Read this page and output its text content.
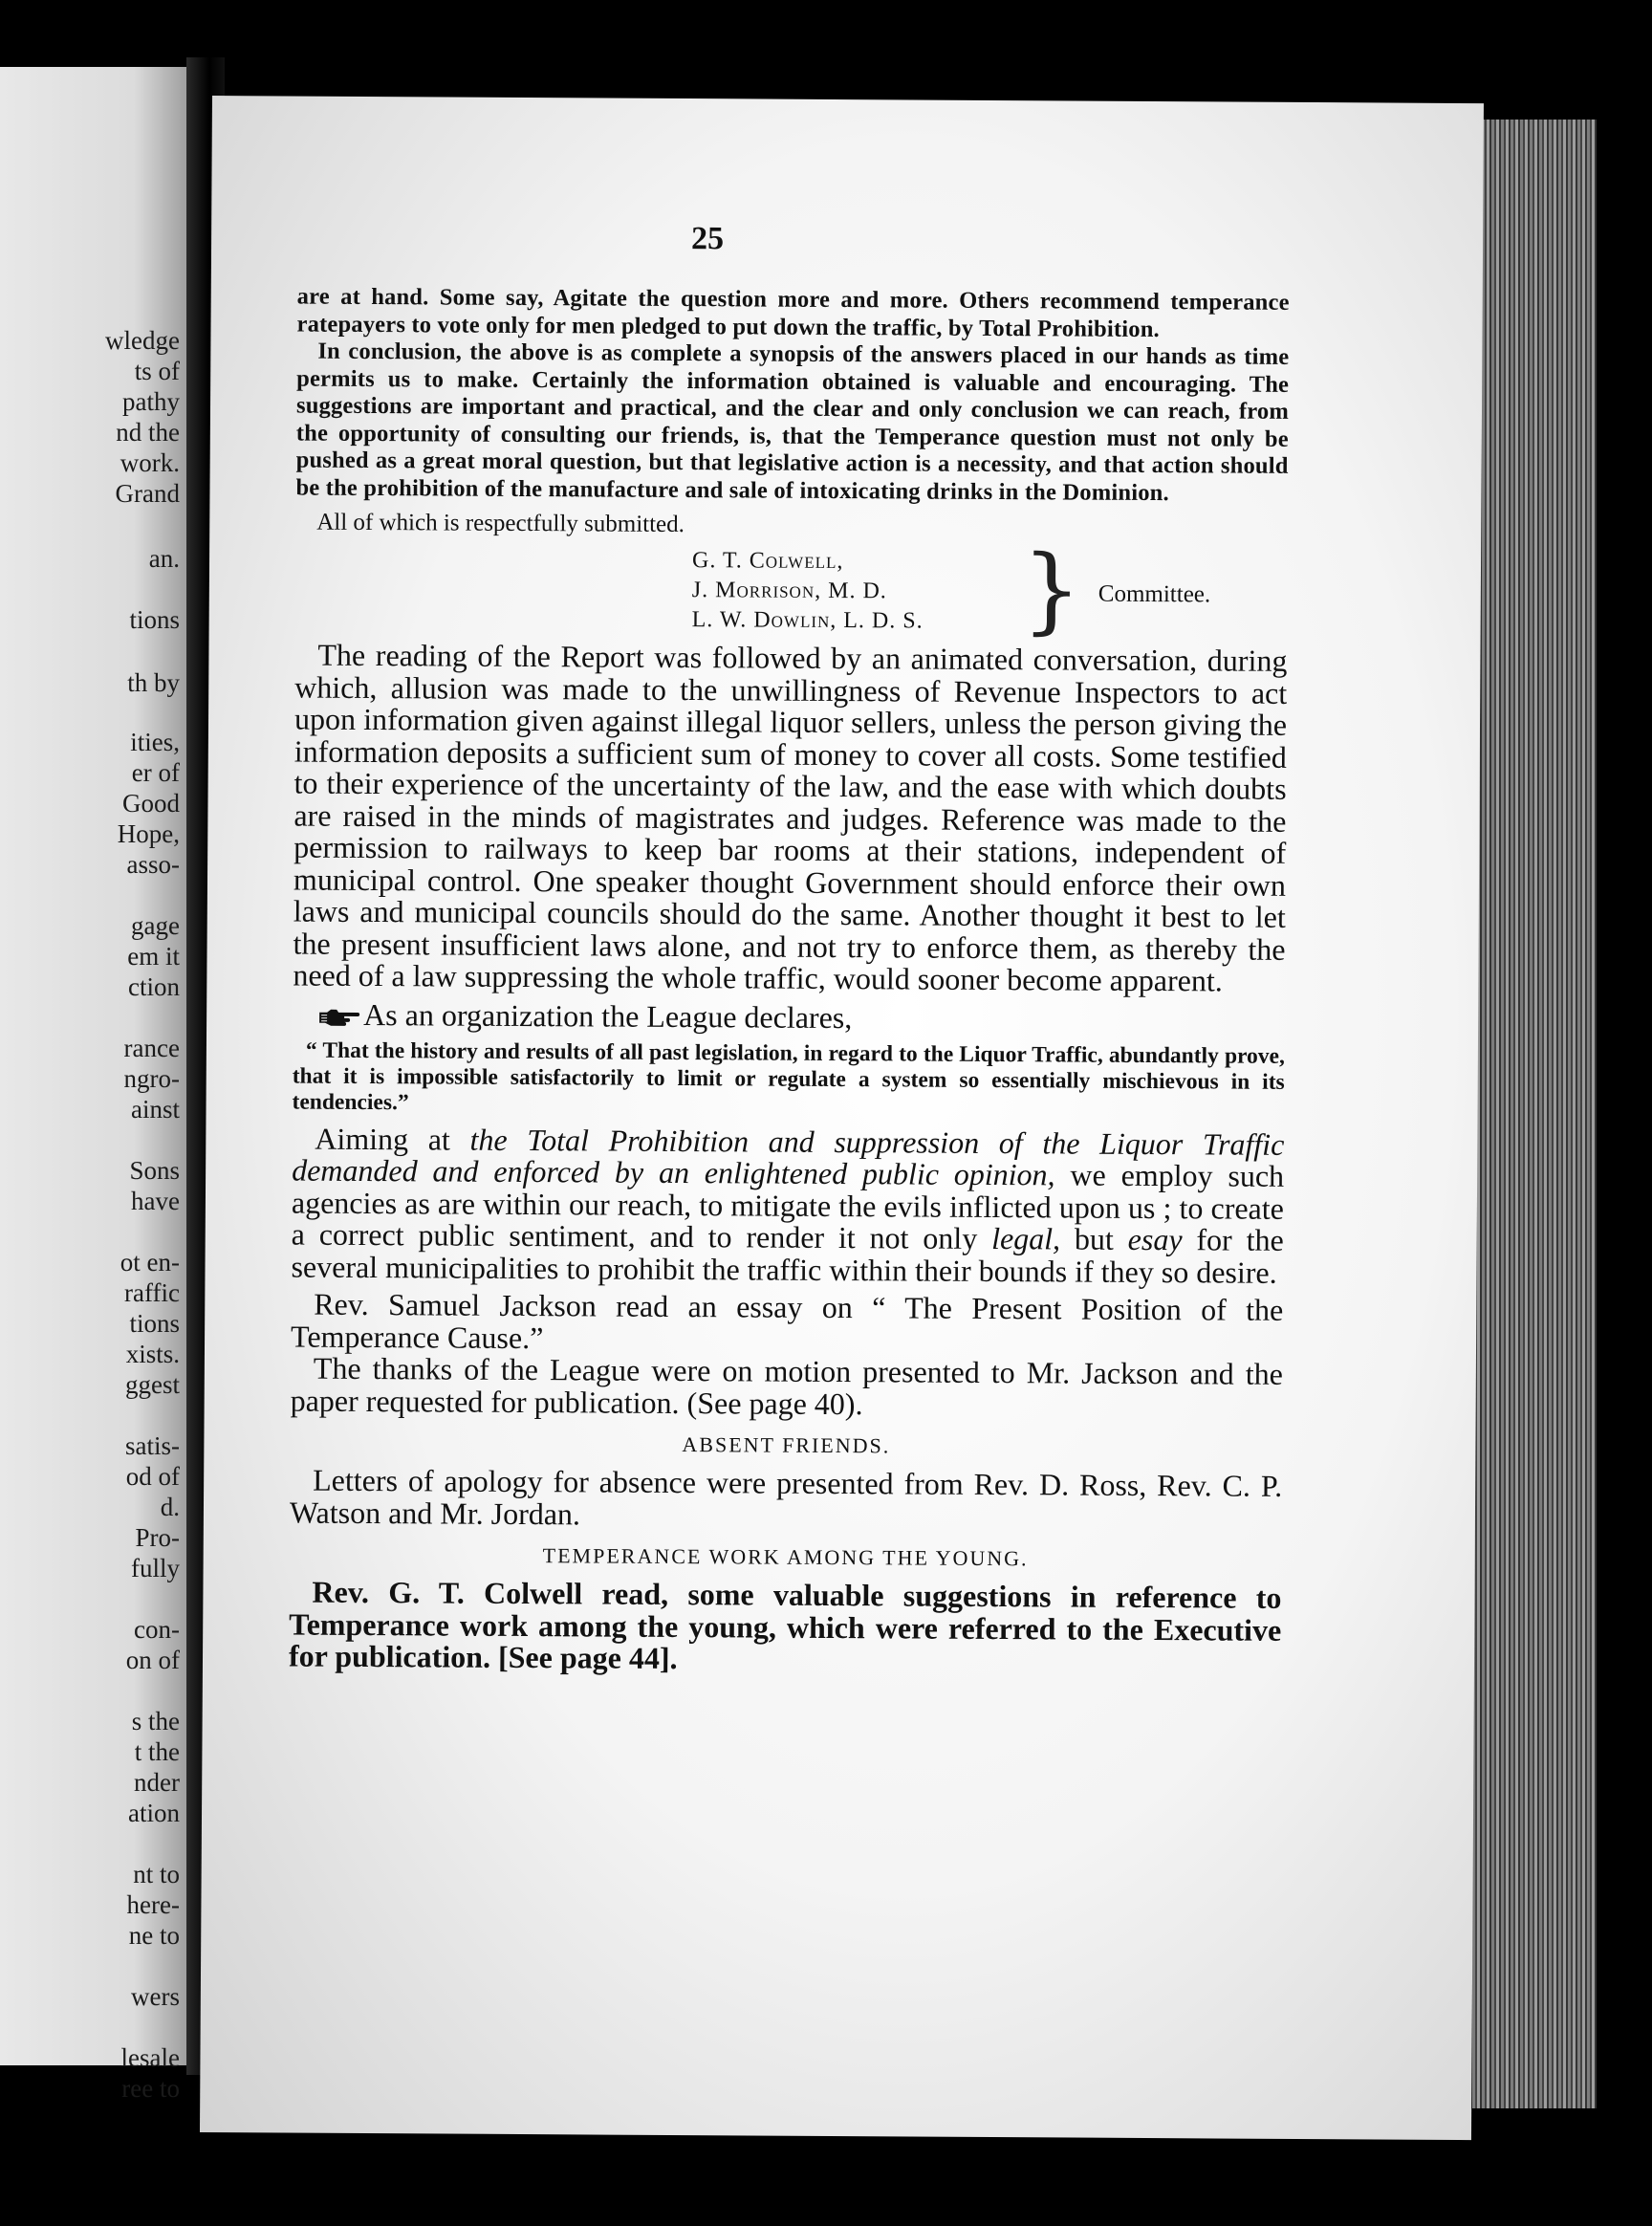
wledge
ts of
pathy
nd the
work.
Grand
an.
tions
th by
ities,
er of
Good
Hope,
asso-
gage
em it
ction
rance
ngro-
ainst
Sons
have
ot en-
raffic
tions
xists.
ggest
satis-
od of
d.
Pro-
fully
con-
on of
s the
t the
nder
ation
nt to
here-
ne to
wers
lesale
ree to
25

are at hand. Some say, Agitate the question more and more. Others recommend temperance ratepayers to vote only for men pledged to put down the traffic, by Total Prohibition.

In conclusion, the above is as complete a synopsis of the answers placed in our hands as time permits us to make. Certainly the information obtained is valuable and encouraging. The suggestions are important and practical, and the clear and only conclusion we can reach, from the opportunity of consulting our friends, is, that the Temperance question must not only be pushed as a great moral question, but that legislative action is a necessity, and that action should be the prohibition of the manufacture and sale of intoxicating drinks in the Dominion.

All of which is respectfully submitted.
G. T. Colwell,
J. Morrison, M. D.
L. W. Dowlin, L. D. S. } Committee.

The reading of the Report was followed by an animated conversation, during which, allusion was made to the unwillingness of Revenue Inspectors to act upon information given against illegal liquor sellers, unless the person giving the information deposits a sufficient sum of money to cover all costs. Some testified to their experience of the uncertainty of the law, and the ease with which doubts are raised in the minds of magistrates and judges. Reference was made to the permission to railways to keep bar rooms at their stations, independent of municipal control. One speaker thought Government should enforce their own laws and municipal councils should do the same. Another thought it best to let the present insufficient laws alone, and not try to enforce them, as thereby the need of a law suppressing the whole traffic, would sooner become apparent.

As an organization the League declares,
“ That the history and results of all past legislation, in regard to the Liquor Traffic, abundantly prove, that it is impossible satisfactorily to limit or regulate a system so essentially mischievous in its tendencies.”

Aiming at the Total Prohibition and suppression of the Liquor Traffic demanded and enforced by an enlightened public opinion, we employ such agencies as are within our reach, to mitigate the evils inflicted upon us ; to create a correct public sentiment, and to render it not only legal, but esay for the several municipalities to prohibit the traffic within their bounds if they so desire.

Rev. Samuel Jackson read an essay on “ The Present Position of the Temperance Cause.”

The thanks of the League were on motion presented to Mr. Jackson and the paper requested for publication. (See page 40).

ABSENT FRIENDS.

Letters of apology for absence were presented from Rev. D. Ross, Rev. C. P. Watson and Mr. Jordan.

TEMPERANCE WORK AMONG THE YOUNG.

Rev. G. T. Colwell read, some valuable suggestions in reference to Temperance work among the young, which were referred to the Executive for publication. [See page 44].
